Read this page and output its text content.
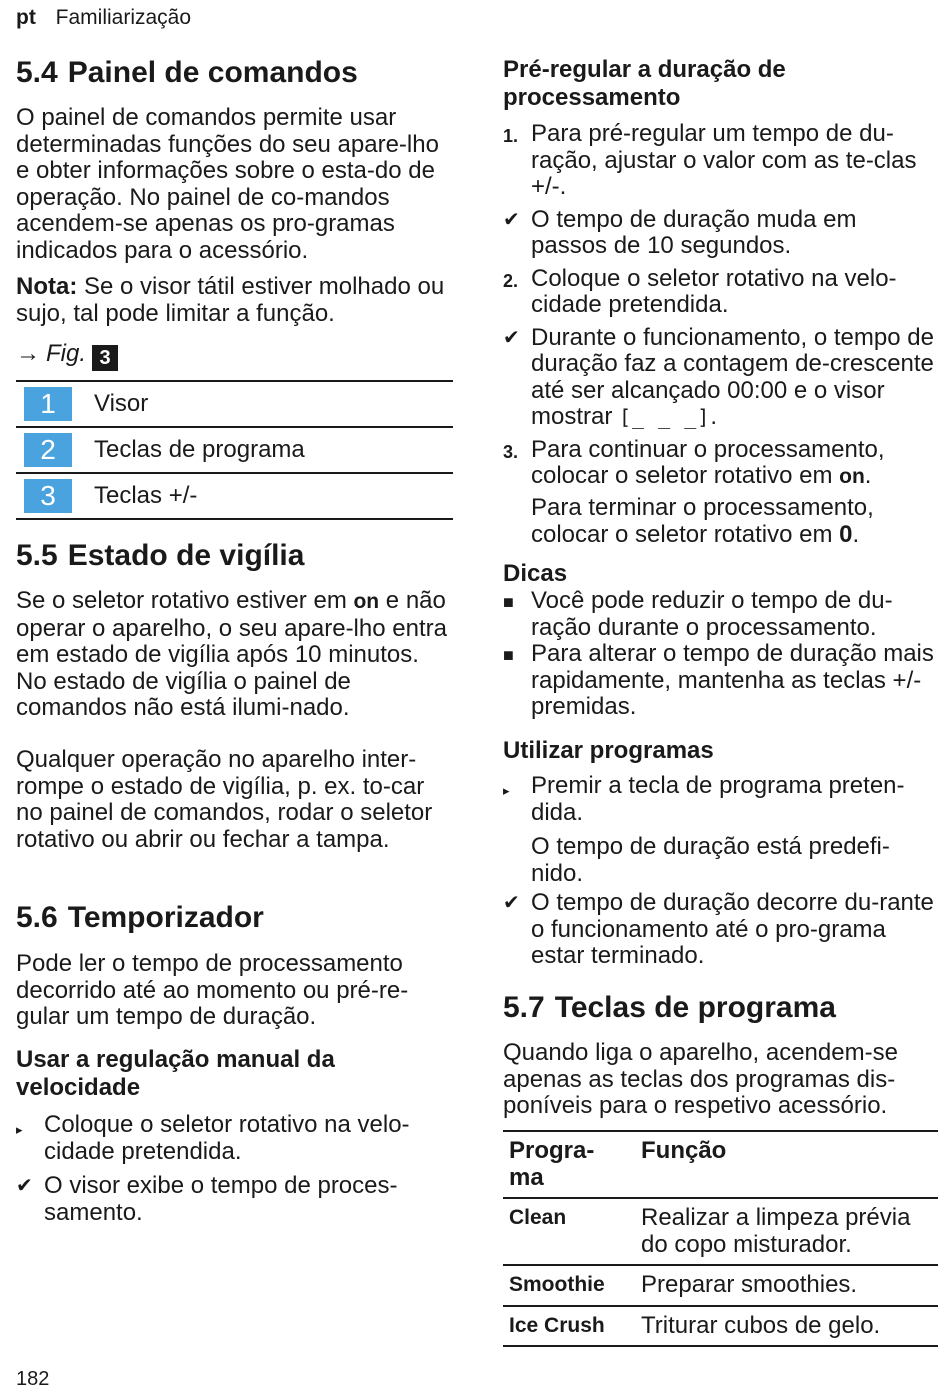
pt Familiarização
5.4 Painel de comandos

O painel de comandos permite usar determinadas funções do seu apare-lho e obter informações sobre o esta-do de operação. No painel de co-mandos acendem-se apenas os pro-gramas indicados para o acessório.

Nota: Se o visor tátil estiver molhado ou sujo, tal pode limitar a função.

→ Fig. 3
1	Visor
2	Teclas de programa
3	Teclas +/-
5.5 Estado de vigília

Se o seletor rotativo estiver em on e não operar o aparelho, o seu apare-lho entra em estado de vigília após 10 minutos. No estado de vigília o painel de comandos não está ilumi-nado.

Qualquer operação no aparelho inter-rompe o estado de vigília, p. ex. to-car no painel de comandos, rodar o seletor rotativo ou abrir ou fechar a tampa.

5.6 Temporizador

Pode ler o tempo de processamento decorrido até ao momento ou pré-re-gular um tempo de duração.

Usar a regulação manual da velocidade
▸ Coloque o seletor rotativo na velo-cidade pretendida.
✔ O visor exibe o tempo de proces-samento.
Pré-regular a duração de processamento
1. Para pré-regular um tempo de du-ração, ajustar o valor com as te-clas +/-.
✔ O tempo de duração muda em passos de 10 segundos.
2. Coloque o seletor rotativo na velo-cidade pretendida.
✔ Durante o funcionamento, o tempo de duração faz a contagem de-crescente até ser alcançado 00:00 e o visor mostrar [_ _ _].
3. Para continuar o processamento, colocar o seletor rotativo em on.

Para terminar o processamento, colocar o seletor rotativo em 0.

Dicas
■ Você pode reduzir o tempo de du-ração durante o processamento.
■ Para alterar o tempo de duração mais rapidamente, mantenha as teclas +/- premidas.
Utilizar programas
▸ Premir a tecla de programa preten-dida.

O tempo de duração está predefi-nido.

✔ O tempo de duração decorre du-rante o funcionamento até o pro-grama estar terminado.
5.7 Teclas de programa

Quando liga o aparelho, acendem-se apenas as teclas dos programas dis-poníveis para o respetivo acessório.

Progra-ma	Função
Clean	Realizar a limpeza prévia do copo misturador.
Smoothie	Preparar smoothies.
Ice Crush	Triturar cubos de gelo.
182
